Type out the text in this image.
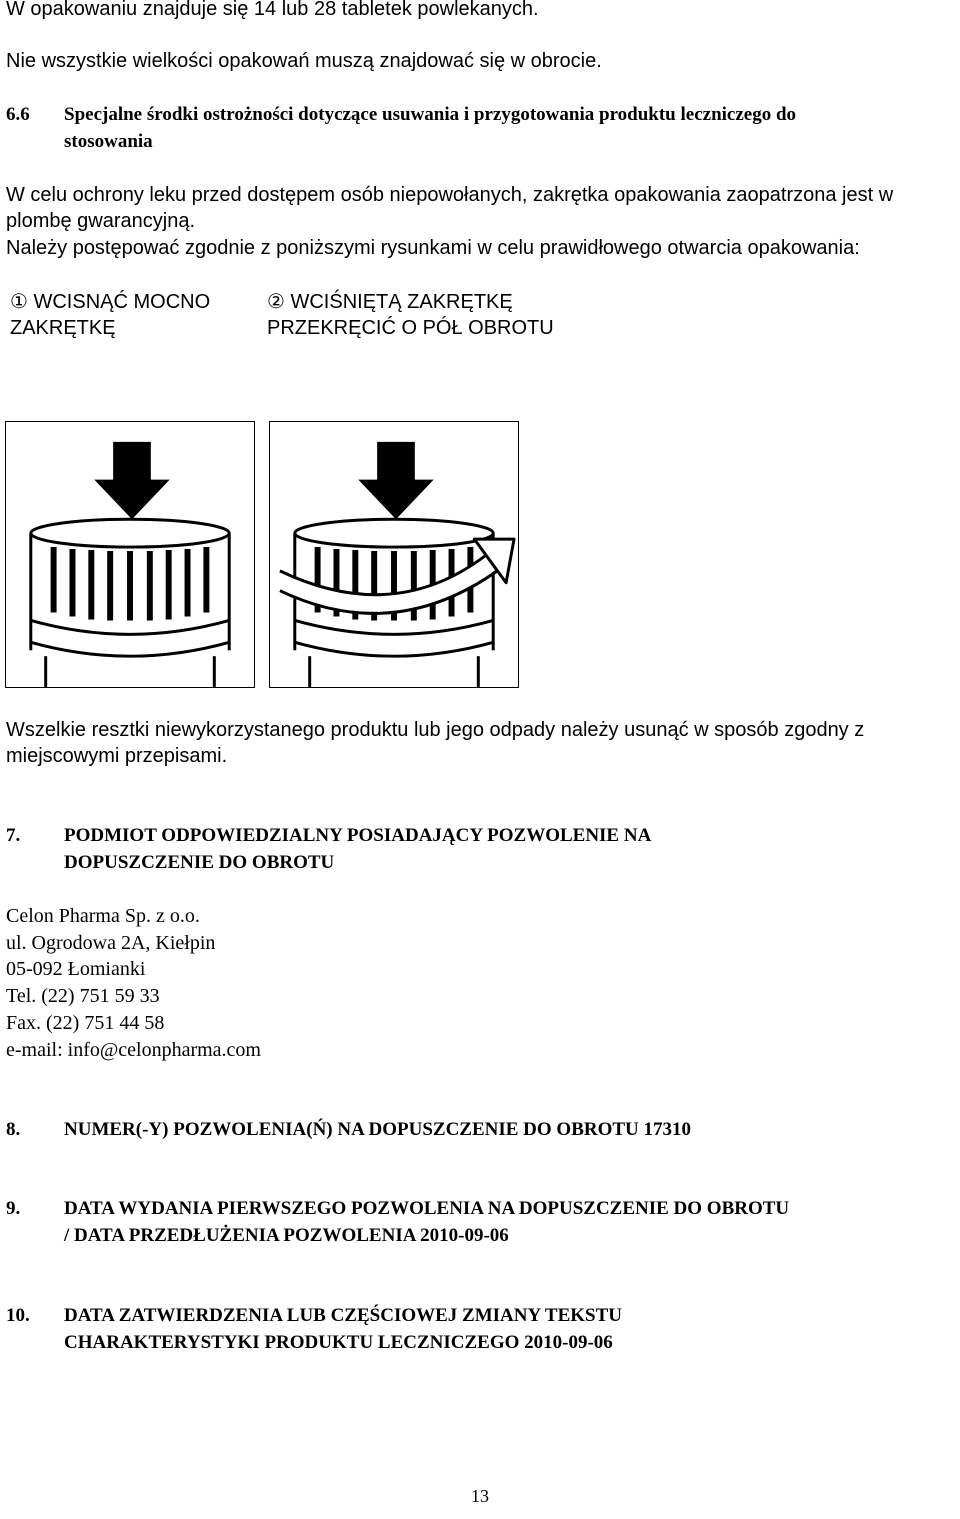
W opakowaniu znajduje się 14 lub 28 tabletek powlekanych.
Nie wszystkie wielkości opakowań muszą znajdować się w obrocie.
6.6 Specjalne środki ostrożności dotyczące usuwania i przygotowania produktu leczniczego do
stosowania
W celu ochrony leku przed dostępem osób niepowołanych, zakrętka opakowania zaopatrzona jest w
plombę gwarancyjną.
Należy postępować zgodnie z poniższymi rysunkami w celu prawidłowego otwarcia opakowania:
① WCISNĄĆ MOCNO
ZAKRĘTKĘ
② WCIŚNIĘTĄ ZAKRĘTKĘ
PRZEKRĘCIĆ O PÓŁ OBROTU
Wszelkie resztki niewykorzystanego produktu lub jego odpady należy usunąć w sposób zgodny z
miejscowymi przepisami.
7. PODMIOT ODPOWIEDZIALNY POSIADAJĄCY POZWOLENIE NA
DOPUSZCZENIE DO OBROTU
Celon Pharma Sp. z o.o.
ul. Ogrodowa 2A, Kiełpin
05-092 Łomianki
Tel. (22) 751 59 33
Fax. (22) 751 44 58
e-mail: info@celonpharma.com
8. NUMER(-Y) POZWOLENIA(Ń) NA DOPUSZCZENIE DO OBROTU 17310
9. DATA WYDANIA PIERWSZEGO POZWOLENIA NA DOPUSZCZENIE DO OBROTU
/ DATA PRZEDŁUŻENIA POZWOLENIA 2010-09-06
10. DATA ZATWIERDZENIA LUB CZĘŚCIOWEJ ZMIANY TEKSTU
CHARAKTERYSTYKI PRODUKTU LECZNICZEGO 2010-09-06
13
